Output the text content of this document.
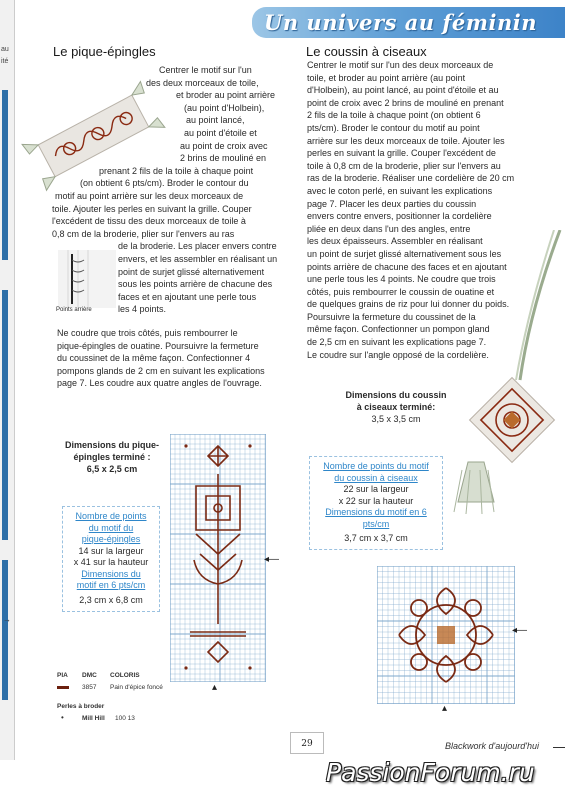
au
ité
→
Un univers au féminin
Le pique-épingles
Centrer le motif sur l'un
des deux morceaux de toile,
et broder au point arrière
(au point d'Holbein),
au point lancé,
au point d'étoile et
au point de croix avec
2 brins de mouliné en
prenant 2 fils de la toile à chaque point
(on obtient 6 pts/cm). Broder le contour du
motif au point arrière sur les deux morceaux de
toile. Ajouter les perles en suivant la grille. Couper
l'excédent de tissu des deux morceaux de toile à
0,8 cm de la broderie, plier sur l'envers au ras
de la broderie. Les placer envers contre
envers, et les assembler en réalisant un
point de surjet glissé alternativement
sous les points arrière de chacune des
faces et en ajoutant une perle tous
les 4 points.
Points arrière
Ne coudre que trois côtés, puis rembourrer le
pique-épingles de ouatine. Poursuivre la fermeture
du coussinet de la même façon. Confectionner 4
pompons glands de 2 cm en suivant les explications
page 7. Les coudre aux quatre angles de l'ouvrage.
Dimensions du pique-
épingles terminé :
6,5 x 2,5 cm
Nombre de points
du motif du
pique-épingles
14 sur la largeur
x 41 sur la hauteur
Dimensions du
motif en 6 pts/cm
2,3 cm x 6,8 cm
◂—
▴
PIA DMC COLORIS
3857 Pain d'épice foncé
Perles à broder
•	Mill Hill 100 13
Le coussin à ciseaux
Centrer le motif sur l'un des deux morceaux de
toile, et broder au point arrière (au point
d'Holbein), au point lancé, au point d'étoile et au
point de croix avec 2 brins de mouliné en prenant
2 fils de la toile à chaque point (on obtient 6
pts/cm). Broder le contour du motif au point
arrière sur les deux morceaux de toile. Ajouter les
perles en suivant la grille. Couper l'excédent de
toile à 0,8 cm de la broderie, plier sur l'envers au
ras de la broderie. Réaliser une cordelière de 20 cm
avec le coton perlé, en suivant les explications
page 7. Placer les deux parties du coussin
envers contre envers, positionner la cordelière
pliée en deux dans l'un des angles, entre
les deux épaisseurs. Assembler en réalisant
un point de surjet glissé alternativement sous les
points arrière de chacune des faces et en ajoutant
une perle tous les 4 points. Ne coudre que trois
côtés, puis rembourrer le coussin de ouatine et
de quelques grains de riz pour lui donner du poids.
Poursuivre la fermeture du coussinet de la
même façon. Confectionner un pompon gland
de 2,5 cm en suivant les explications page 7.
Le coudre sur l'angle opposé de la cordelière.
Dimensions du coussin
à ciseaux terminé:
3,5 x 3,5 cm
Nombre de points du motif
du coussin à ciseaux
22 sur la largeur
x 22 sur la hauteur
Dimensions du motif en 6
pts/cm
3,7 cm x 3,7 cm
◂—
▴
29	Blackwork d'aujourd'hui
PassionForum.ru
